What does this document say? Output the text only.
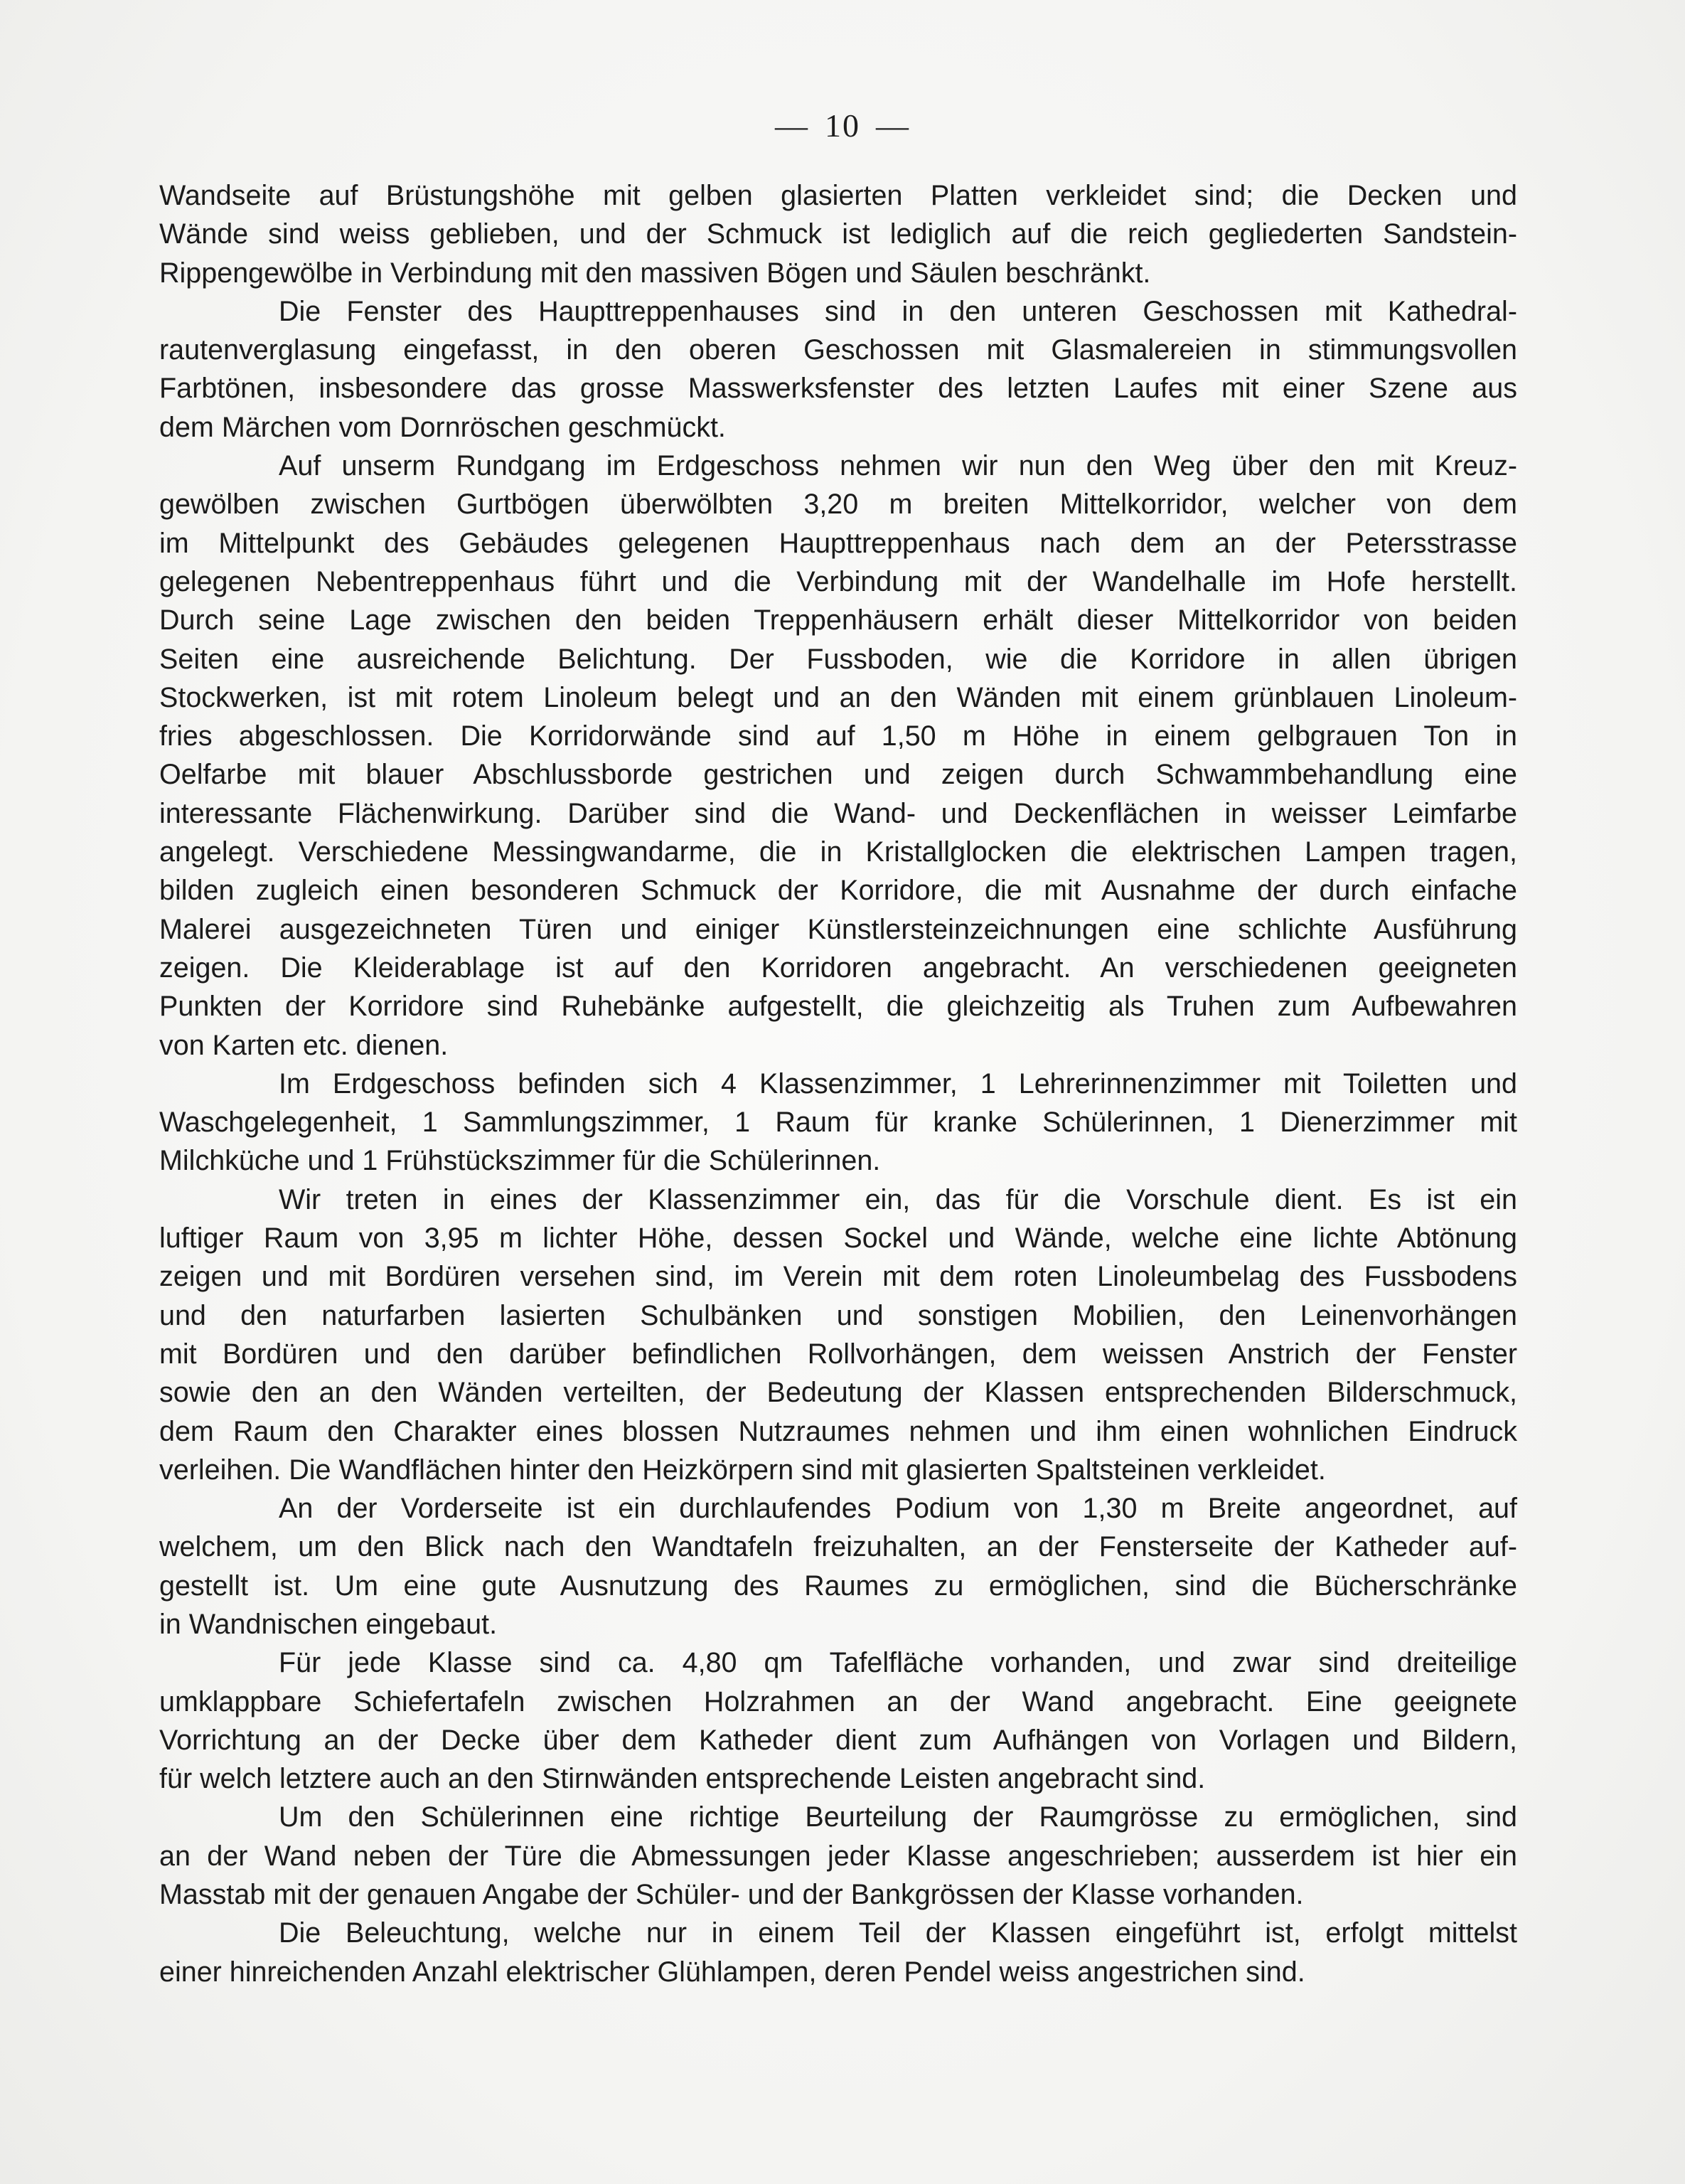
— 10 —
Wandseite auf Brüstungshöhe mit gelben glasierten Platten verkleidet sind; die Decken und
Wände sind weiss geblieben, und der Schmuck ist lediglich auf die reich gegliederten Sandstein-
Rippengewölbe in Verbindung mit den massiven Bögen und Säulen beschränkt.
Die Fenster des Haupttreppenhauses sind in den unteren Geschossen mit Kathedral-
rautenverglasung eingefasst, in den oberen Geschossen mit Glasmalereien in stimmungsvollen
Farbtönen, insbesondere das grosse Masswerksfenster des letzten Laufes mit einer Szene aus
dem Märchen vom Dornröschen geschmückt.
Auf unserm Rundgang im Erdgeschoss nehmen wir nun den Weg über den mit Kreuz-
gewölben zwischen Gurtbögen überwölbten 3,20 m breiten Mittelkorridor, welcher von dem
im Mittelpunkt des Gebäudes gelegenen Haupttreppenhaus nach dem an der Petersstrasse
gelegenen Nebentreppenhaus führt und die Verbindung mit der Wandelhalle im Hofe herstellt.
Durch seine Lage zwischen den beiden Treppenhäusern erhält dieser Mittelkorridor von beiden
Seiten eine ausreichende Belichtung. Der Fussboden, wie die Korridore in allen übrigen
Stockwerken, ist mit rotem Linoleum belegt und an den Wänden mit einem grünblauen Linoleum-
fries abgeschlossen. Die Korridorwände sind auf 1,50 m Höhe in einem gelbgrauen Ton in
Oelfarbe mit blauer Abschlussborde gestrichen und zeigen durch Schwammbehandlung eine
interessante Flächenwirkung. Darüber sind die Wand- und Deckenflächen in weisser Leimfarbe
angelegt. Verschiedene Messingwandarme, die in Kristallglocken die elektrischen Lampen tragen,
bilden zugleich einen besonderen Schmuck der Korridore, die mit Ausnahme der durch einfache
Malerei ausgezeichneten Türen und einiger Künstlersteinzeichnungen eine schlichte Ausführung
zeigen. Die Kleiderablage ist auf den Korridoren angebracht. An verschiedenen geeigneten
Punkten der Korridore sind Ruhebänke aufgestellt, die gleichzeitig als Truhen zum Aufbewahren
von Karten etc. dienen.
Im Erdgeschoss befinden sich 4 Klassenzimmer, 1 Lehrerinnenzimmer mit Toiletten und
Waschgelegenheit, 1 Sammlungszimmer, 1 Raum für kranke Schülerinnen, 1 Dienerzimmer mit
Milchküche und 1 Frühstückszimmer für die Schülerinnen.
Wir treten in eines der Klassenzimmer ein, das für die Vorschule dient. Es ist ein
luftiger Raum von 3,95 m lichter Höhe, dessen Sockel und Wände, welche eine lichte Abtönung
zeigen und mit Bordüren versehen sind, im Verein mit dem roten Linoleumbelag des Fussbodens
und den naturfarben lasierten Schulbänken und sonstigen Mobilien, den Leinenvorhängen
mit Bordüren und den darüber befindlichen Rollvorhängen, dem weissen Anstrich der Fenster
sowie den an den Wänden verteilten, der Bedeutung der Klassen entsprechenden Bilderschmuck,
dem Raum den Charakter eines blossen Nutzraumes nehmen und ihm einen wohnlichen Eindruck
verleihen. Die Wandflächen hinter den Heizkörpern sind mit glasierten Spaltsteinen verkleidet.
An der Vorderseite ist ein durchlaufendes Podium von 1,30 m Breite angeordnet, auf
welchem, um den Blick nach den Wandtafeln freizuhalten, an der Fensterseite der Katheder auf-
gestellt ist. Um eine gute Ausnutzung des Raumes zu ermöglichen, sind die Bücherschränke
in Wandnischen eingebaut.
Für jede Klasse sind ca. 4,80 qm Tafelfläche vorhanden, und zwar sind dreiteilige
umklappbare Schiefertafeln zwischen Holzrahmen an der Wand angebracht. Eine geeignete
Vorrichtung an der Decke über dem Katheder dient zum Aufhängen von Vorlagen und Bildern,
für welch letztere auch an den Stirnwänden entsprechende Leisten angebracht sind.
Um den Schülerinnen eine richtige Beurteilung der Raumgrösse zu ermöglichen, sind
an der Wand neben der Türe die Abmessungen jeder Klasse angeschrieben; ausserdem ist hier ein
Masstab mit der genauen Angabe der Schüler- und der Bankgrössen der Klasse vorhanden.
Die Beleuchtung, welche nur in einem Teil der Klassen eingeführt ist, erfolgt mittelst
einer hinreichenden Anzahl elektrischer Glühlampen, deren Pendel weiss angestrichen sind.
